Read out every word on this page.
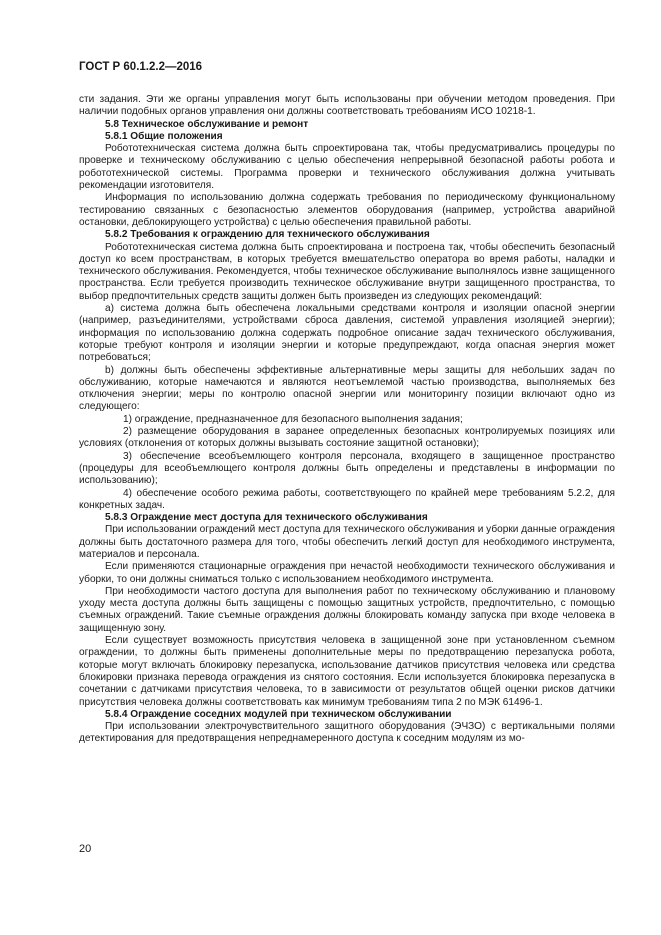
ГОСТ Р 60.1.2.2—2016

сти задания. Эти же органы управления могут быть использованы при обучении методом проведения. При наличии подобных органов управления они должны соответствовать требованиям ИСО 10218-1.

5.8 Техническое обслуживание и ремонт

5.8.1 Общие положения

Робототехническая система должна быть спроектирована так, чтобы предусматривались процедуры по проверке и техническому обслуживанию с целью обеспечения непрерывной безопасной работы робота и робототехнической системы. Программа проверки и технического обслуживания должна учитывать рекомендации изготовителя.

Информация по использованию должна содержать требования по периодическому функциональному тестированию связанных с безопасностью элементов оборудования (например, устройства аварийной остановки, деблокирующего устройства) с целью обеспечения правильной работы.

5.8.2 Требования к ограждению для технического обслуживания

Робототехническая система должна быть спроектирована и построена так, чтобы обеспечить безопасный доступ ко всем пространствам, в которых требуется вмешательство оператора во время работы, наладки и технического обслуживания. Рекомендуется, чтобы техническое обслуживание выполнялось извне защищенного пространства. Если требуется производить техническое обслуживание внутри защищенного пространства, то выбор предпочтительных средств защиты должен быть произведен из следующих рекомендаций:

а) система должна быть обеспечена локальными средствами контроля и изоляции опасной энергии (например, разъединителями, устройствами сброса давления, системой управления изоляцией энергии); информация по использованию должна содержать подробное описание задач технического обслуживания, которые требуют контроля и изоляции энергии и которые предупреждают, когда опасная энергия может потребоваться;

b) должны быть обеспечены эффективные альтернативные меры защиты для небольших задач по обслуживанию, которые намечаются и являются неотъемлемой частью производства, выполняемых без отключения энергии; меры по контролю опасной энергии или мониторингу позиции включают одно из следующего:

1) ограждение, предназначенное для безопасного выполнения задания;

2) размещение оборудования в заранее определенных безопасных контролируемых позициях или условиях (отклонения от которых должны вызывать состояние защитной остановки);

3) обеспечение всеобъемлющего контроля персонала, входящего в защищенное пространство (процедуры для всеобъемлющего контроля должны быть определены и представлены в информации по использованию);

4) обеспечение особого режима работы, соответствующего по крайней мере требованиям 5.2.2, для конкретных задач.

5.8.3 Ограждение мест доступа для технического обслуживания

При использовании ограждений мест доступа для технического обслуживания и уборки данные ограждения должны быть достаточного размера для того, чтобы обеспечить легкий доступ для необходимого инструмента, материалов и персонала.

Если применяются стационарные ограждения при нечастой необходимости технического обслуживания и уборки, то они должны сниматься только с использованием необходимого инструмента.

При необходимости частого доступа для выполнения работ по техническому обслуживанию и плановому уходу места доступа должны быть защищены с помощью защитных устройств, предпочтительно, с помощью съемных ограждений. Такие съемные ограждения должны блокировать команду запуска при входе человека в защищенную зону.

Если существует возможность присутствия человека в защищенной зоне при установленном съемном ограждении, то должны быть применены дополнительные меры по предотвращению перезапуска робота, которые могут включать блокировку перезапуска, использование датчиков присутствия человека или средства блокировки признака перевода ограждения из снятого состояния. Если используется блокировка перезапуска в сочетании с датчиками присутствия человека, то в зависимости от результатов общей оценки рисков датчики присутствия человека должны соответствовать как минимум требованиям типа 2 по МЭК 61496-1.

5.8.4 Ограждение соседних модулей при техническом обслуживании

При использовании электрочувствительного защитного оборудования (ЭЧЗО) с вертикальными полями детектирования для предотвращения непреднамеренного доступа к соседним модулям из мо-

20
